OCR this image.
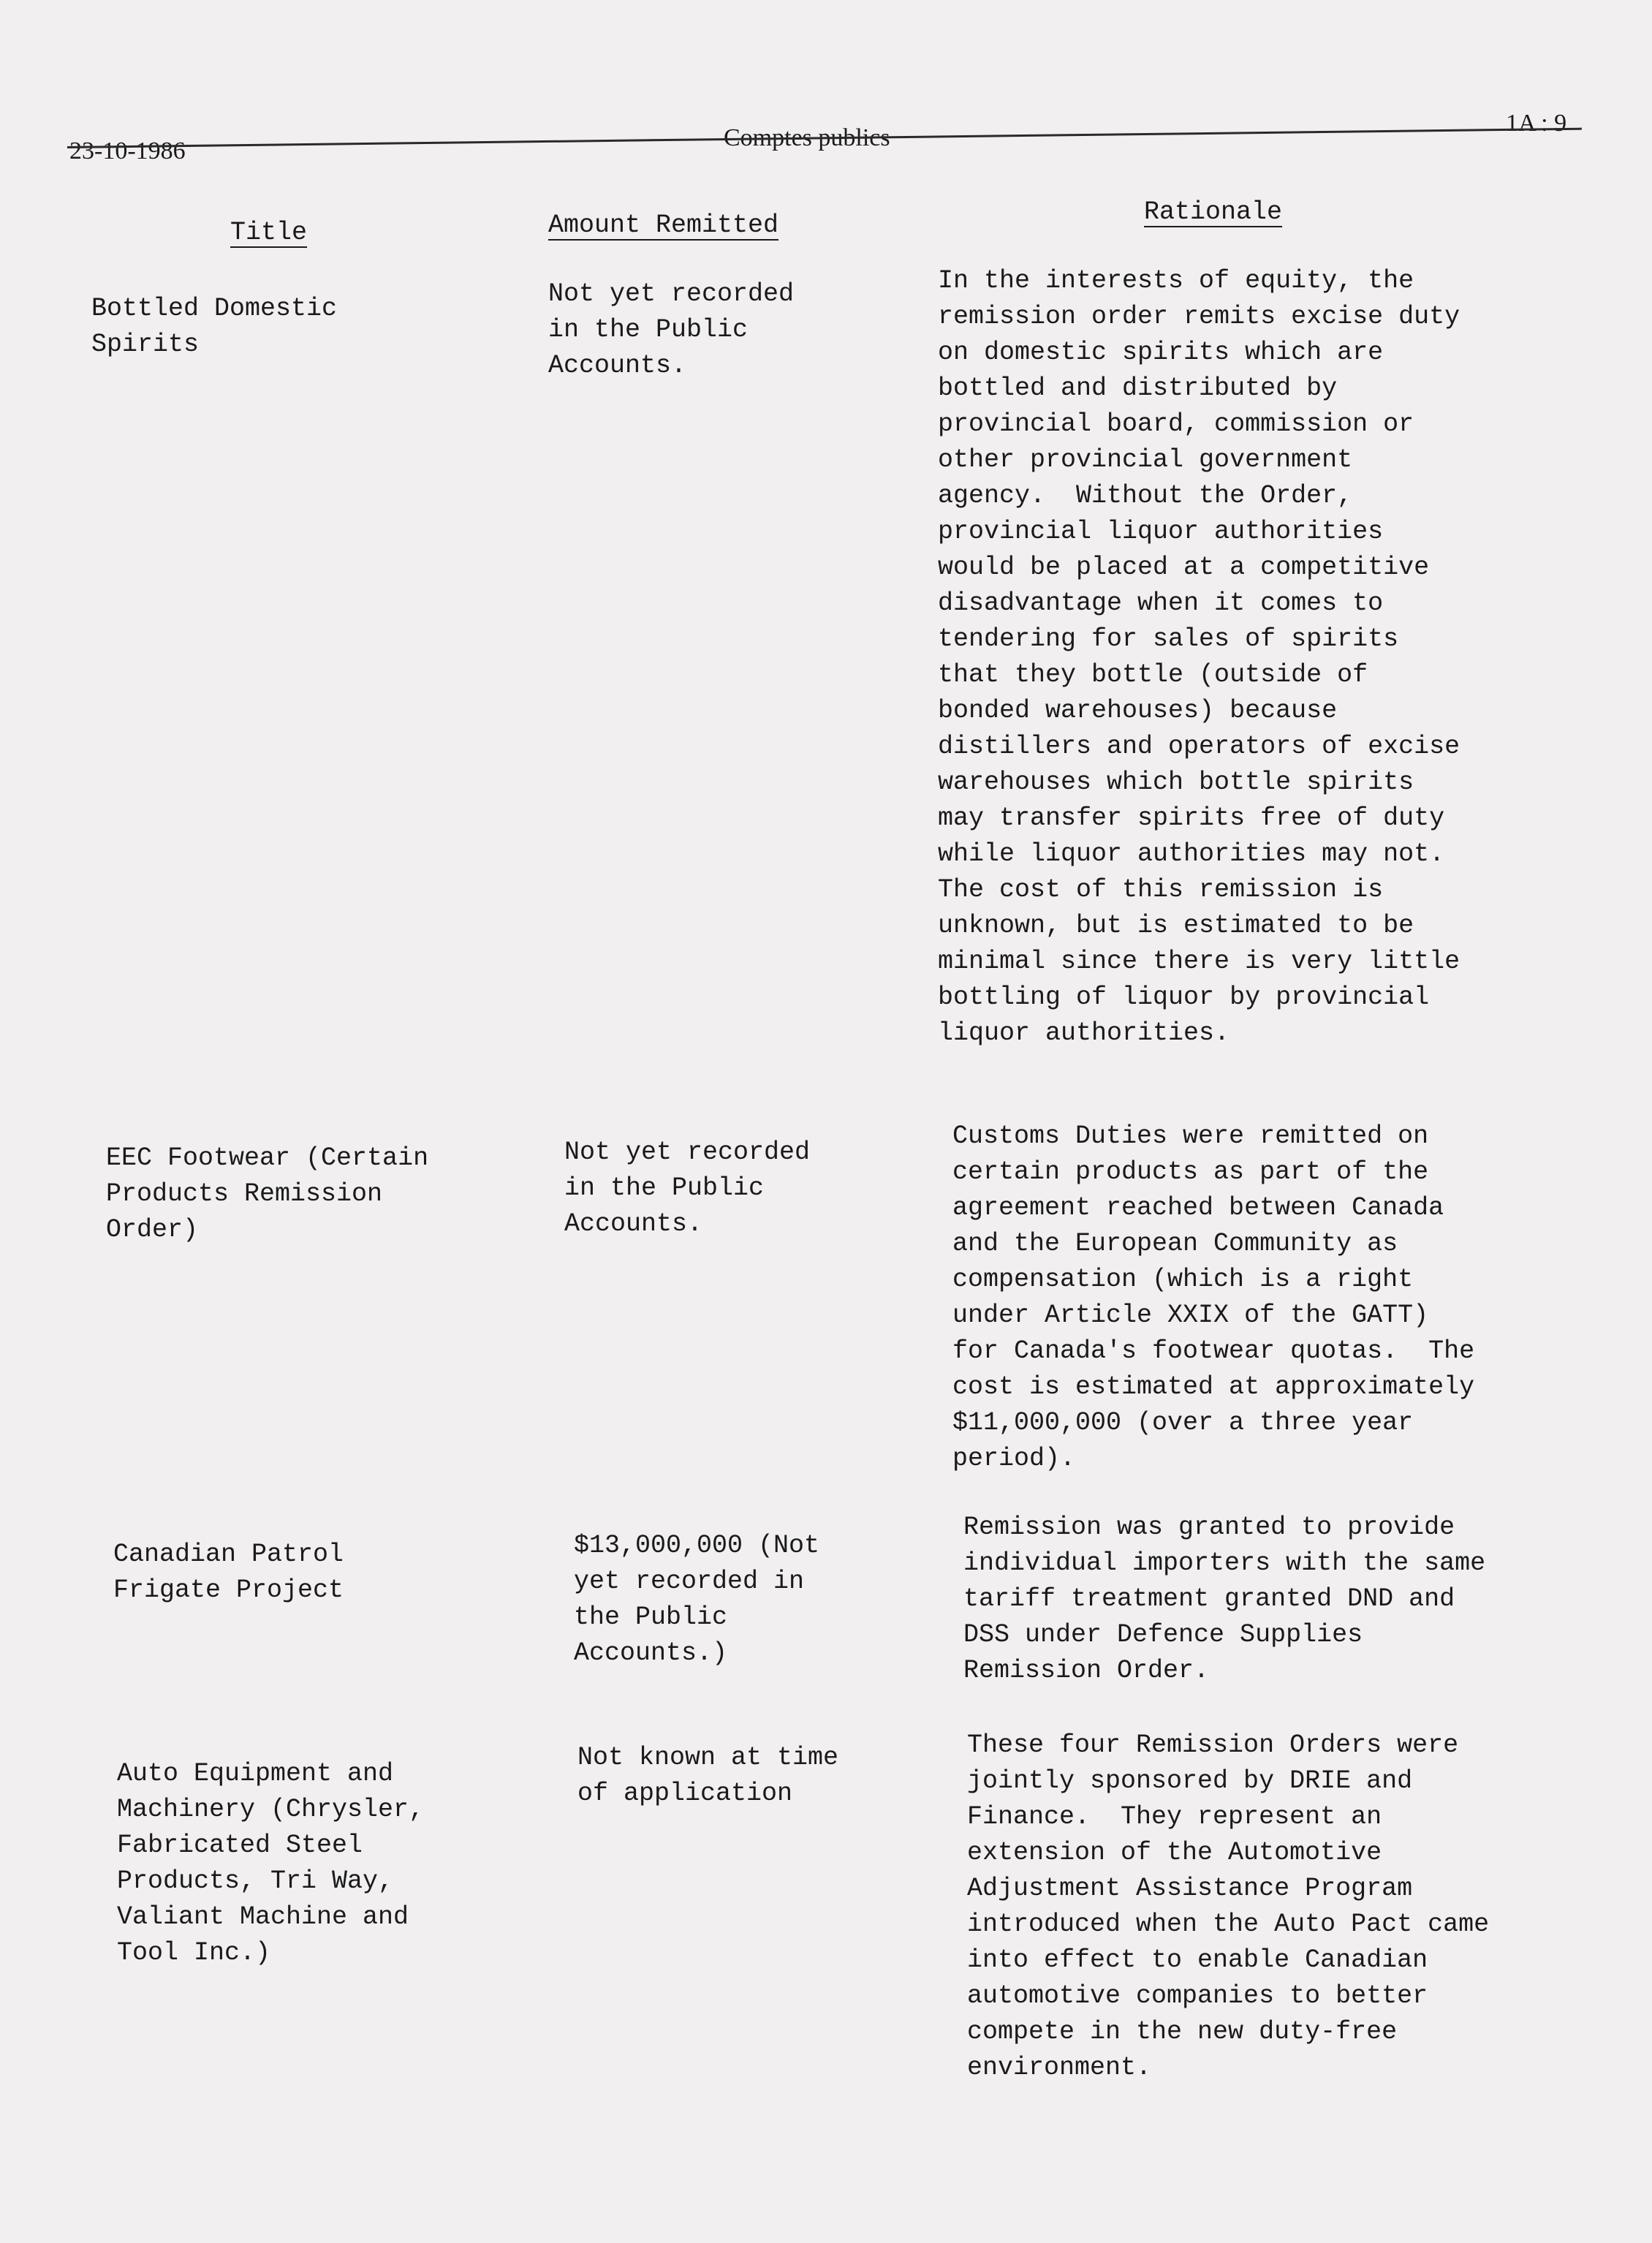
23-10-1986
1A : 9
Title	Amount Remitted	Rationale
Bottled Domestic
Spirits
Not yet recorded
in the Public
Accounts.
In the interests of equity, the
remission order remits excise duty
on domestic spirits which are
bottled and distributed by
provincial board, commission or
other provincial government
agency.  Without the Order,
provincial liquor authorities
would be placed at a competitive
disadvantage when it comes to
tendering for sales of spirits
that they bottle (outside of
bonded warehouses) because
distillers and operators of excise
warehouses which bottle spirits
may transfer spirits free of duty
while liquor authorities may not.
The cost of this remission is
unknown, but is estimated to be
minimal since there is very little
bottling of liquor by provincial
liquor authorities.
EEC Footwear (Certain
Products Remission
Order)
Not yet recorded
in the Public
Accounts.
Customs Duties were remitted on
certain products as part of the
agreement reached between Canada
and the European Community as
compensation (which is a right
under Article XXIX of the GATT)
for Canada's footwear quotas.  The
cost is estimated at approximately
$11,000,000 (over a three year
period).
Canadian Patrol
Frigate Project
$13,000,000 (Not
yet recorded in
the Public
Accounts.)
Remission was granted to provide
individual importers with the same
tariff treatment granted DND and
DSS under Defence Supplies
Remission Order.
Auto Equipment and
Machinery (Chrysler,
Fabricated Steel
Products, Tri Way,
Valiant Machine and
Tool Inc.)
Not known at time
of application
These four Remission Orders were
jointly sponsored by DRIE and
Finance.  They represent an
extension of the Automotive
Adjustment Assistance Program
introduced when the Auto Pact came
into effect to enable Canadian
automotive companies to better
compete in the new duty-free
environment.
